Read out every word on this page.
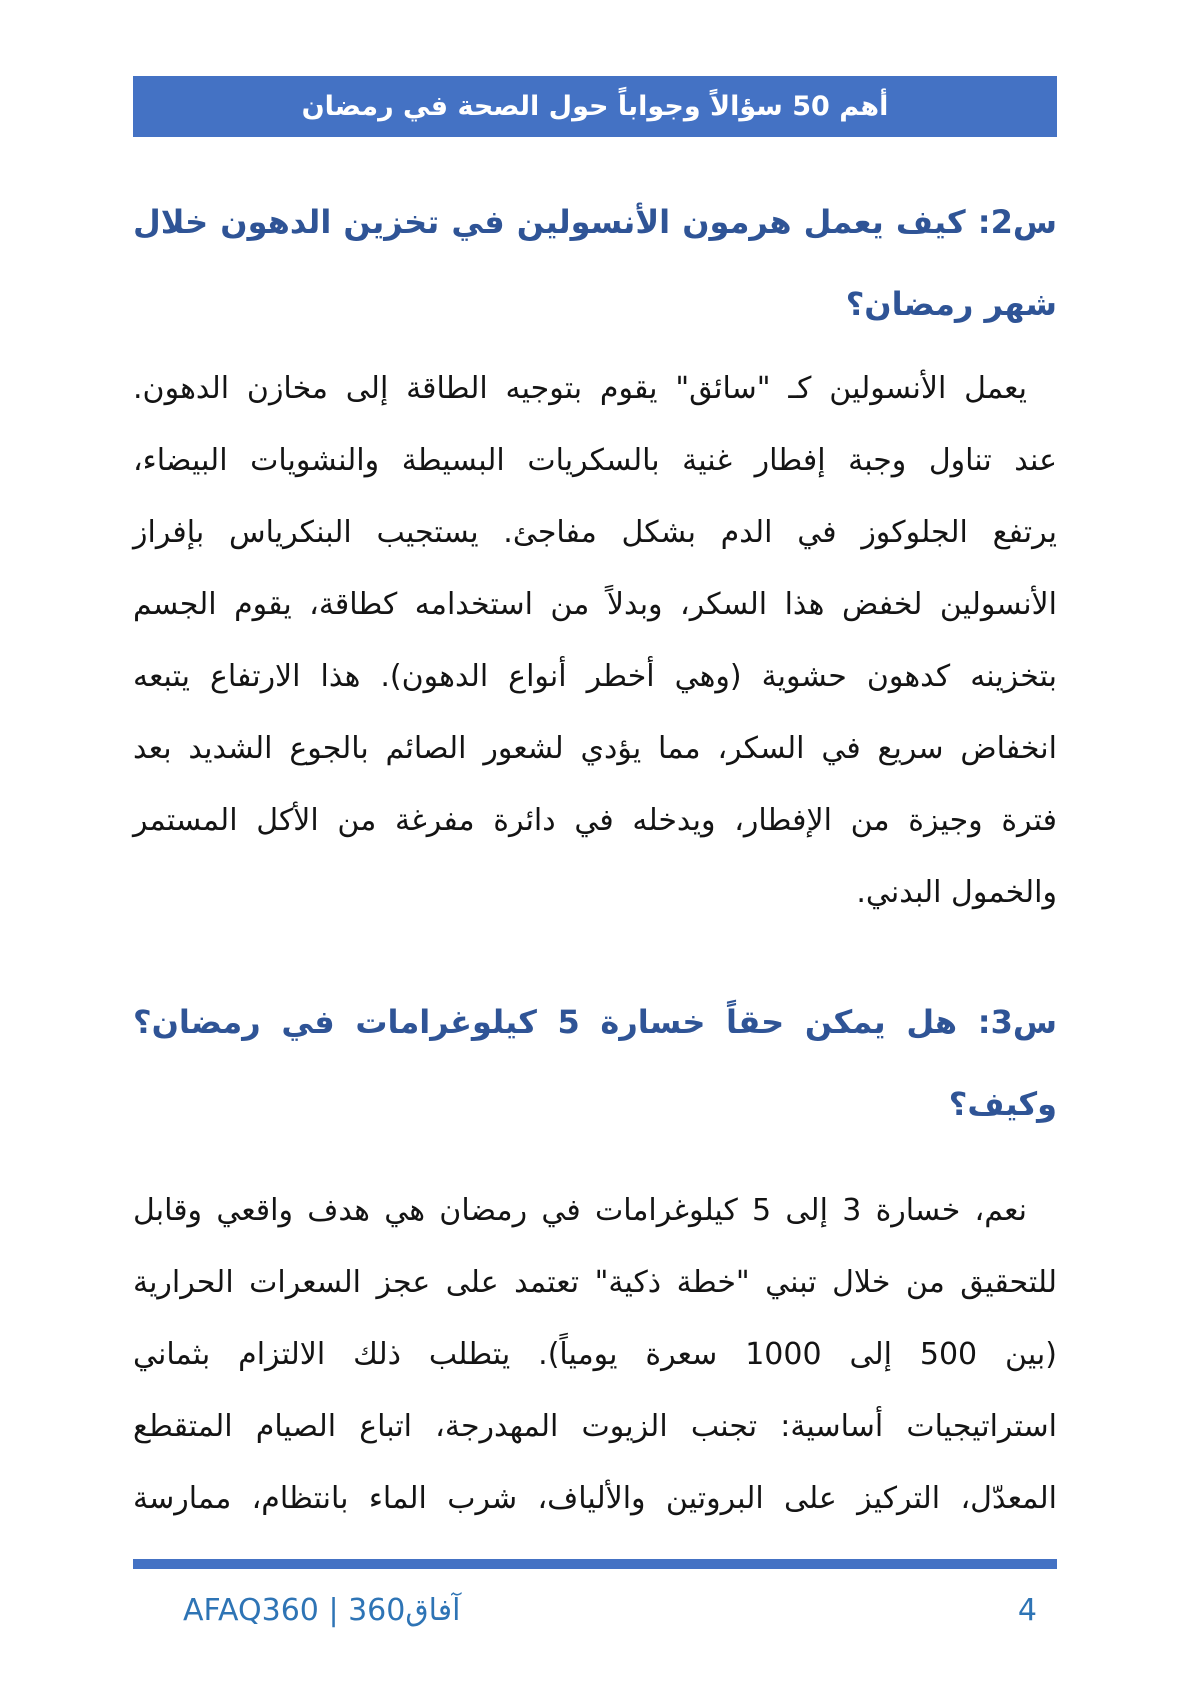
أهم 50 سؤالاً وجواباً حول الصحة في رمضان
س2: كيف يعمل هرمون الأنسولين في تخزين الدهون خلال
شهر رمضان؟
يعمل الأنسولين كـ "سائق" يقوم بتوجيه الطاقة إلى مخازن الدهون.
عند تناول وجبة إفطار غنية بالسكريات البسيطة والنشويات البيضاء،
يرتفع الجلوكوز في الدم بشكل مفاجئ. يستجيب البنكرياس بإفراز
الأنسولين لخفض هذا السكر، وبدلاً من استخدامه كطاقة، يقوم الجسم
بتخزينه كدهون حشوية (وهي أخطر أنواع الدهون). هذا الارتفاع يتبعه
انخفاض سريع في السكر، مما يؤدي لشعور الصائم بالجوع الشديد بعد
فترة وجيزة من الإفطار، ويدخله في دائرة مفرغة من الأكل المستمر
والخمول البدني.
س3: هل يمكن حقاً خسارة 5 كيلوغرامات في رمضان؟ وكيف؟
نعم، خسارة 3 إلى 5 كيلوغرامات في رمضان هي هدف واقعي وقابل
للتحقيق من خلال تبني "خطة ذكية" تعتمد على عجز السعرات الحرارية
(بين 500 إلى 1000 سعرة يومياً). يتطلب ذلك الالتزام بثماني
استراتيجيات أساسية: تجنب الزيوت المهدرجة، اتباع الصيام المتقطع
المعدّل، التركيز على البروتين والألياف، شرب الماء بانتظام، ممارسة
4
آفاق360 | AFAQ360
